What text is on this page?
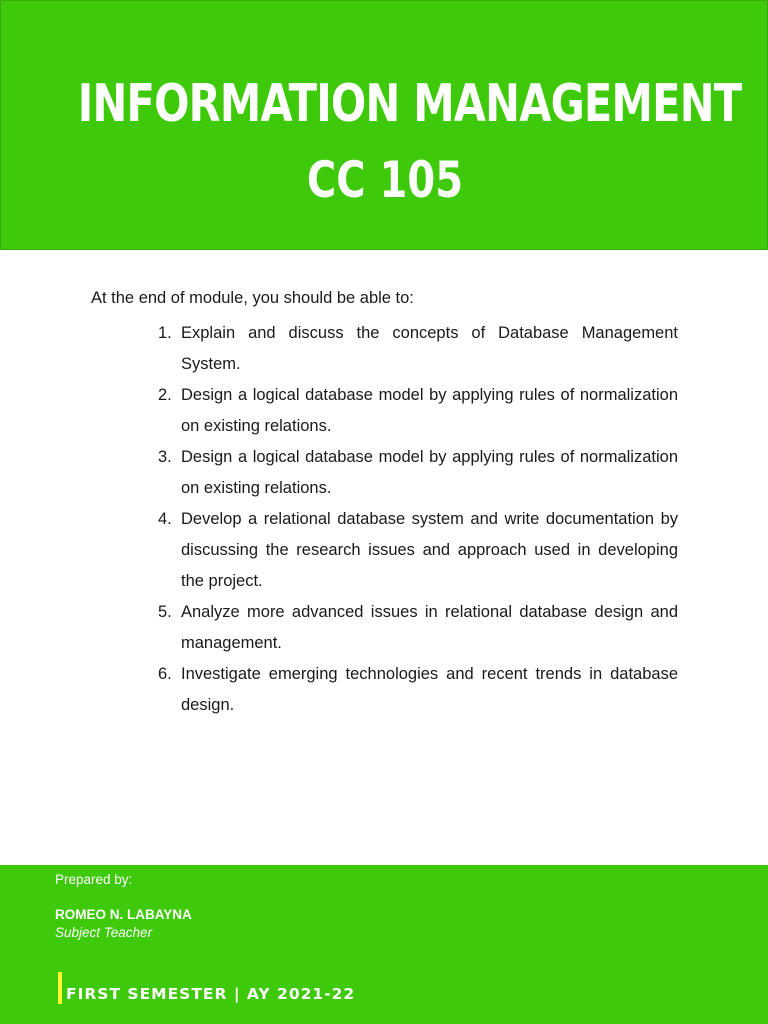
INFORMATION MANAGEMENT
CC 105
At the end of module, you should be able to:
1. Explain and discuss the concepts of Database Management System.
2. Design a logical database model by applying rules of normalization on existing relations.
3. Design a logical database model by applying rules of normalization on existing relations.
4. Develop a relational database system and write documentation by discussing the research issues and approach used in developing the project.
5. Analyze more advanced issues in relational database design and management.
6. Investigate emerging technologies and recent trends in database design.
Prepared by:
ROMEO N. LABAYNA
Subject Teacher
FIRST SEMESTER | AY 2021-22
